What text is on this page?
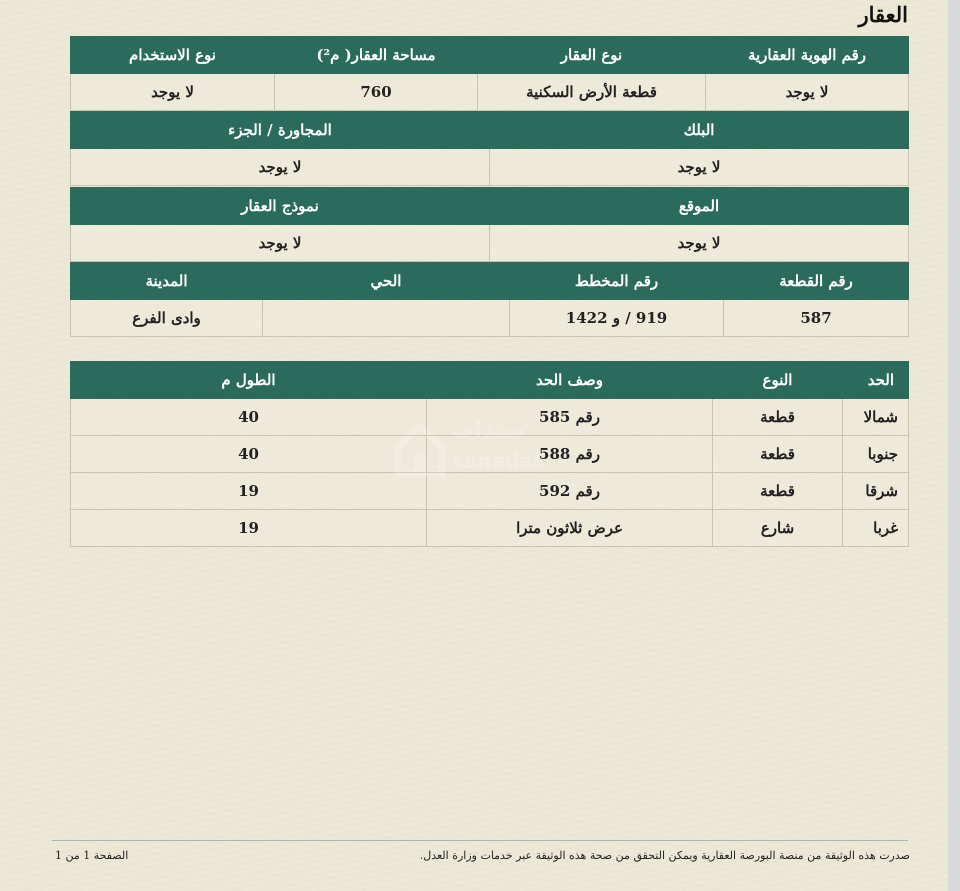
العقار
رقم الهوية العقارية	نوع العقار	مساحة العقار( م²)	نوع الاستخدام
لا يوجد	قطعة الأرض السكنية	760	لا يوجد
البلك	المجاورة / الجزء
لا يوجد	لا يوجد
الموقع	نموذج العقار
لا يوجد	لا يوجد
رقم القطعة	رقم المخطط	الحي	المدينة
587	919 / و 1422		وادى الفرع
الحد	النوع	وصف الحد	الطول م
شمالا	قطعة	رقم 585	40
جنوبا	قطعة	رقم 588	40
شرقا	قطعة	رقم 592	19
غربا	شارع	عرض ثلاثون مترا	19
صدرت هذه الوثيقة من منصة البورصة العقارية ويمكن التحقق من صحة هذه الوثيقة عبر خدمات وزارة العدل.
الصفحة 1 من 1
